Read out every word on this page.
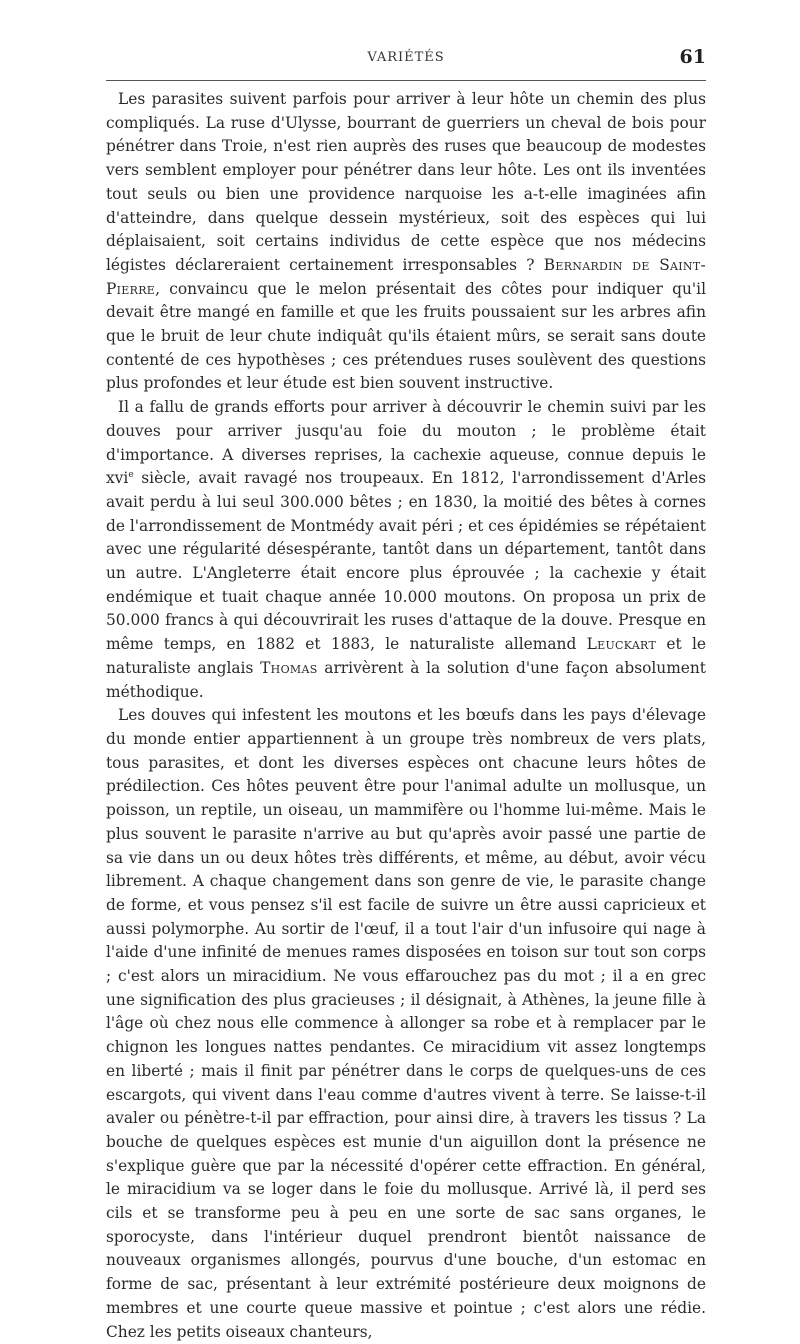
VARIÉTÉS	61

Les parasites suivent parfois pour arriver à leur hôte un chemin des plus compliqués. La ruse d'Ulysse, bourrant de guerriers un cheval de bois pour pénétrer dans Troie, n'est rien auprès des ruses que beaucoup de modestes vers semblent employer pour pénétrer dans leur hôte. Les ont ils inventées tout seuls ou bien une providence narquoise les a-t-elle imaginées afin d'atteindre, dans quelque dessein mystérieux, soit des espèces qui lui déplaisaient, soit certains individus de cette espèce que nos médecins légistes déclareraient certainement irresponsables ? Bernardin de Saint-Pierre, convaincu que le melon présentait des côtes pour indiquer qu'il devait être mangé en famille et que les fruits poussaient sur les arbres afin que le bruit de leur chute indiquât qu'ils étaient mûrs, se serait sans doute contenté de ces hypothèses ; ces prétendues ruses soulèvent des questions plus profondes et leur étude est bien souvent instructive.

Il a fallu de grands efforts pour arriver à découvrir le chemin suivi par les douves pour arriver jusqu'au foie du mouton ; le problème était d'importance. A diverses reprises, la cachexie aqueuse, connue depuis le xvi$^e$ siècle, avait ravagé nos troupeaux. En 1812, l'arrondissement d'Arles avait perdu à lui seul 300.000 bêtes ; en 1830, la moitié des bêtes à cornes de l'arrondissement de Montmédy avait péri ; et ces épidémies se répétaient avec une régularité désespérante, tantôt dans un département, tantôt dans un autre. L'Angleterre était encore plus éprouvée ; la cachexie y était endémique et tuait chaque année 10.000 moutons. On proposa un prix de 50.000 francs à qui découvrirait les ruses d'attaque de la douve. Presque en même temps, en 1882 et 1883, le naturaliste allemand Leuckart et le naturaliste anglais Thomas arrivèrent à la solution d'une façon absolument méthodique.

Les douves qui infestent les moutons et les bœufs dans les pays d'élevage du monde entier appartiennent à un groupe très nombreux de vers plats, tous parasites, et dont les diverses espèces ont chacune leurs hôtes de prédilection. Ces hôtes peuvent être pour l'animal adulte un mollusque, un poisson, un reptile, un oiseau, un mammifère ou l'homme lui-même. Mais le plus souvent le parasite n'arrive au but qu'après avoir passé une partie de sa vie dans un ou deux hôtes très différents, et même, au début, avoir vécu librement. A chaque changement dans son genre de vie, le parasite change de forme, et vous pensez s'il est facile de suivre un être aussi capricieux et aussi polymorphe. Au sortir de l'œuf, il a tout l'air d'un infusoire qui nage à l'aide d'une infinité de menues rames disposées en toison sur tout son corps ; c'est alors un miracidium. Ne vous effarouchez pas du mot ; il a en grec une signification des plus gracieuses ; il désignait, à Athènes, la jeune fille à l'âge où chez nous elle commence à allonger sa robe et à remplacer par le chignon les longues nattes pendantes. Ce miracidium vit assez longtemps en liberté ; mais il finit par pénétrer dans le corps de quelques-uns de ces escargots, qui vivent dans l'eau comme d'autres vivent à terre. Se laisse-t-il avaler ou pénètre-t-il par effraction, pour ainsi dire, à travers les tissus ? La bouche de quelques espèces est munie d'un aiguillon dont la présence ne s'explique guère que par la nécessité d'opérer cette effraction. En général, le miracidium va se loger dans le foie du mollusque. Arrivé là, il perd ses cils et se transforme peu à peu en une sorte de sac sans organes, le sporocyste, dans l'intérieur duquel prendront bientôt naissance de nouveaux organismes allongés, pourvus d'une bouche, d'un estomac en forme de sac, présentant à leur extrémité postérieure deux moignons de membres et une courte queue massive et pointue ; c'est alors une rédie. Chez les petits oiseaux chanteurs,
